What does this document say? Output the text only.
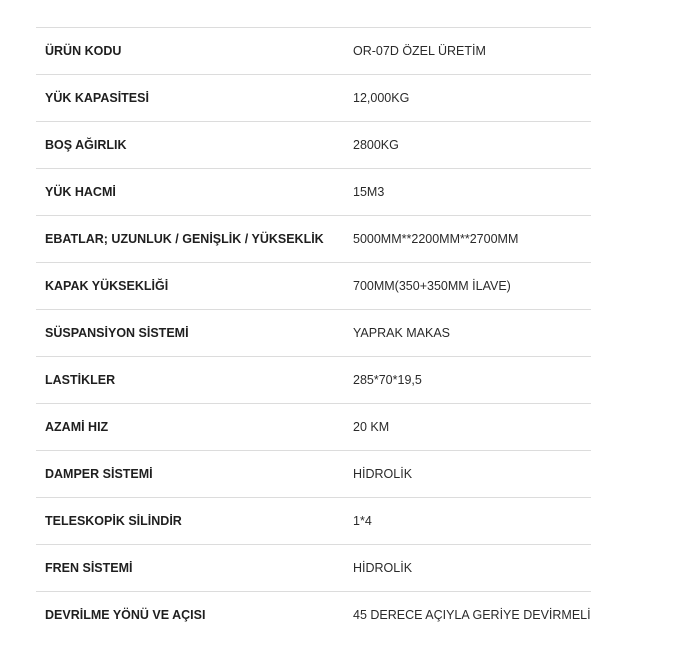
ÜRÜN KODU	OR-07D ÖZEL ÜRETİM
YÜK KAPASİTESİ	12,000KG
BOŞ AĞIRLIK	2800KG
YÜK HACMİ	15M3
EBATLAR; UZUNLUK / GENİŞLİK / YÜKSEKLİK	5000MM**2200MM**2700MM
KAPAK YÜKSEKLİĞİ	700MM(350+350MM İLAVE)
SÜSPANSİYON SİSTEMİ	YAPRAK MAKAS
LASTİKLER	285*70*19,5
AZAMİ HIZ	20 KM
DAMPER SİSTEMİ	HİDROLİK
TELESKOPİK SİLİNDİR	1*4
FREN SİSTEMİ	HİDROLİK
DEVRİLME YÖNÜ VE AÇISI	45 DERECE AÇIYLA GERİYE DEVİRMELİ
